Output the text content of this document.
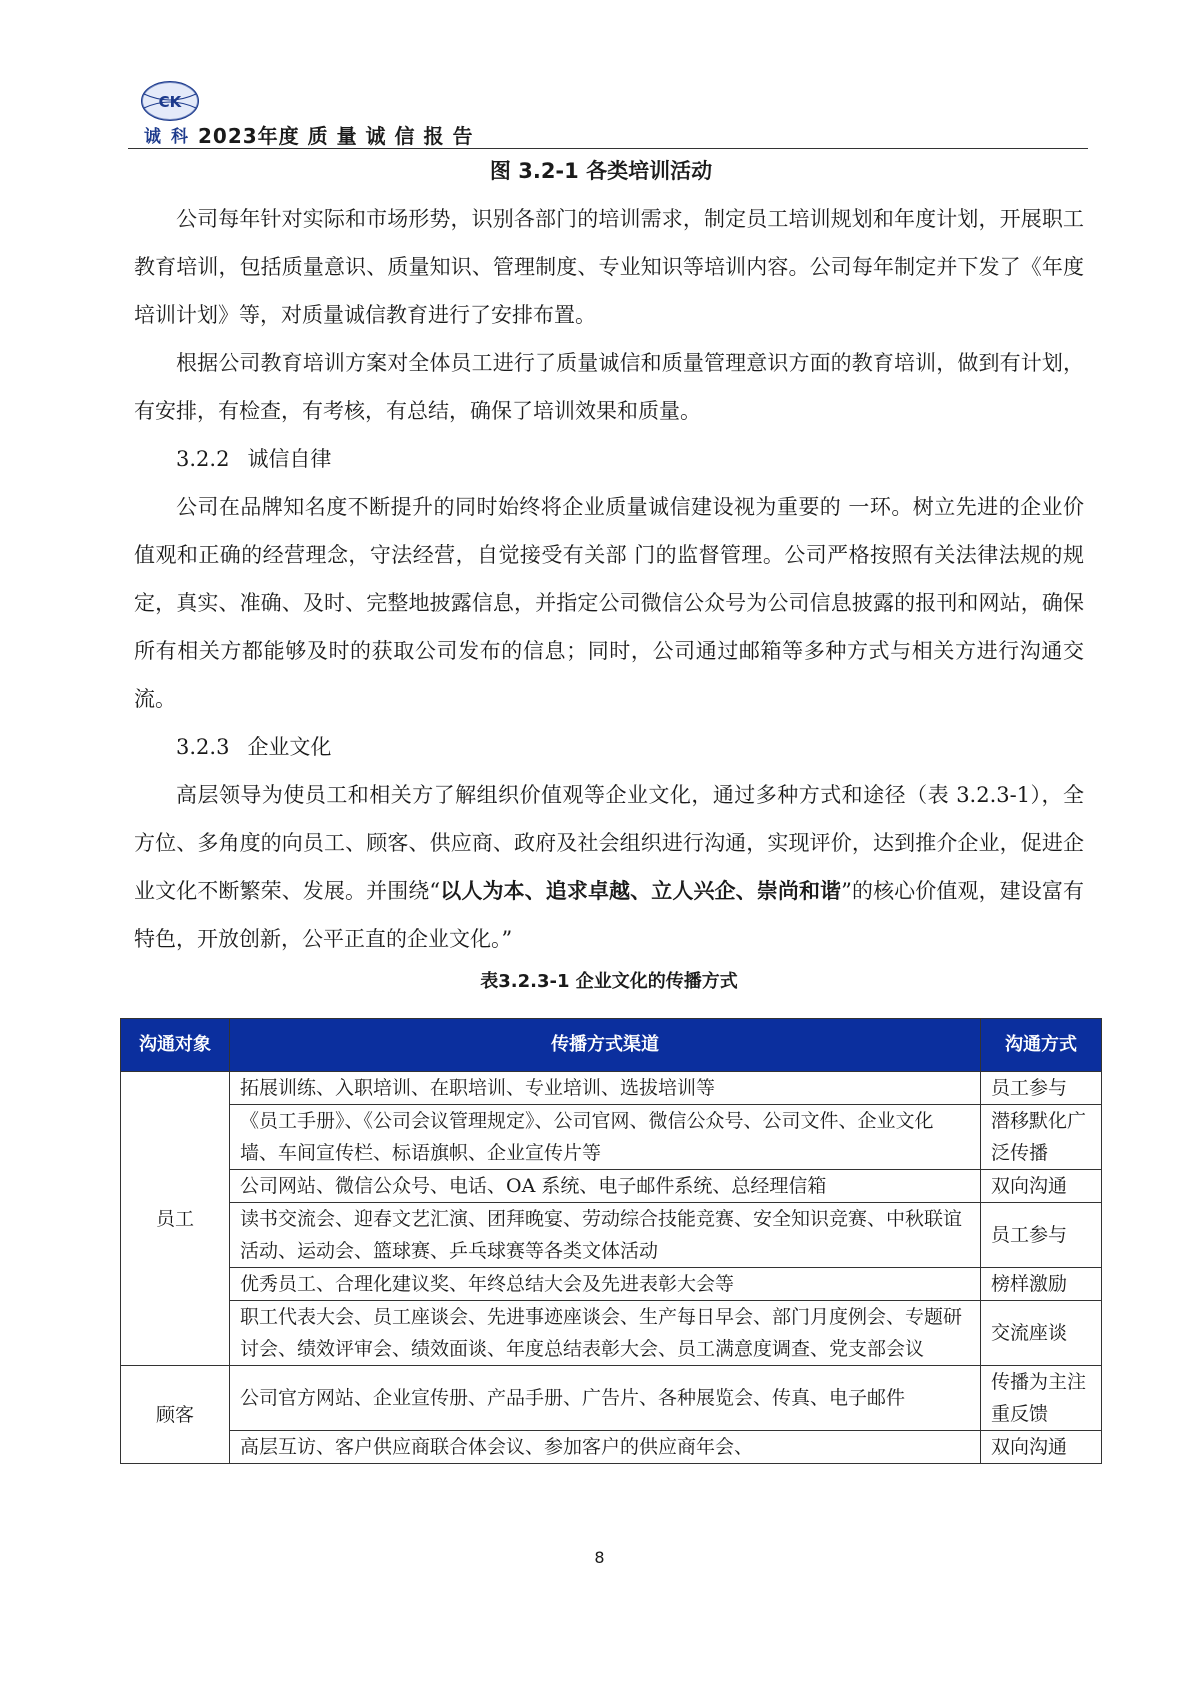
CK
诚科 2023年度 质 量 诚 信 报 告
图 3.2-1 各类培训活动

公司每年针对实际和市场形势，识别各部门的培训需求，制定员工培训规划和年度计划，开展职工教育培训，包括质量意识、质量知识、管理制度、专业知识等培训内容。公司每年制定并下发了《年度培训计划》等，对质量诚信教育进行了安排布置。

根据公司教育培训方案对全体员工进行了质量诚信和质量管理意识方面的教育培训，做到有计划，有安排，有检查，有考核，有总结，确保了培训效果和质量。

3.2.2 诚信自律

公司在品牌知名度不断提升的同时始终将企业质量诚信建设视为重要的 一环。树立先进的企业价值观和正确的经营理念，守法经营，自觉接受有关部 门的监督管理。公司严格按照有关法律法规的规定，真实、准确、及时、完整地披露信息，并指定公司微信公众号为公司信息披露的报刊和网站，确保所有相关方都能够及时的获取公司发布的信息；同时，公司通过邮箱等多种方式与相关方进行沟通交流。

3.2.3 企业文化

高层领导为使员工和相关方了解组织价值观等企业文化，通过多种方式和途径（表 3.2.3-1），全方位、多角度的向员工、顾客、供应商、政府及社会组织进行沟通，实现评价，达到推介企业，促进企业文化不断繁荣、发展。并围绕“以人为本、追求卓越、立人兴企、崇尚和谐”的核心价值观，建设富有特色，开放创新，公平正直的企业文化。”

表3.2.3-1 企业文化的传播方式
沟通对象	传播方式渠道	沟通方式
员工	拓展训练、入职培训、在职培训、专业培训、选拔培训等	员工参与
	《员工手册》、《公司会议管理规定》、公司官网、微信公众号、公司文件、企业文化墙、车间宣传栏、标语旗帜、企业宣传片等	潜移默化广泛传播
	公司网站、微信公众号、电话、OA 系统、电子邮件系统、总经理信箱	双向沟通
	读书交流会、迎春文艺汇演、团拜晚宴、劳动综合技能竞赛、安全知识竞赛、中秋联谊活动、运动会、篮球赛、乒乓球赛等各类文体活动	员工参与
	优秀员工、合理化建议奖、年终总结大会及先进表彰大会等	榜样激励
	职工代表大会、员工座谈会、先进事迹座谈会、生产每日早会、部门月度例会、专题研讨会、绩效评审会、绩效面谈、年度总结表彰大会、员工满意度调查、党支部会议	交流座谈
顾客	公司官方网站、企业宣传册、产品手册、广告片、各种展览会、传真、电子邮件	传播为主注重反馈
	高层互访、客户供应商联合体会议、参加客户的供应商年会、	双向沟通
8
